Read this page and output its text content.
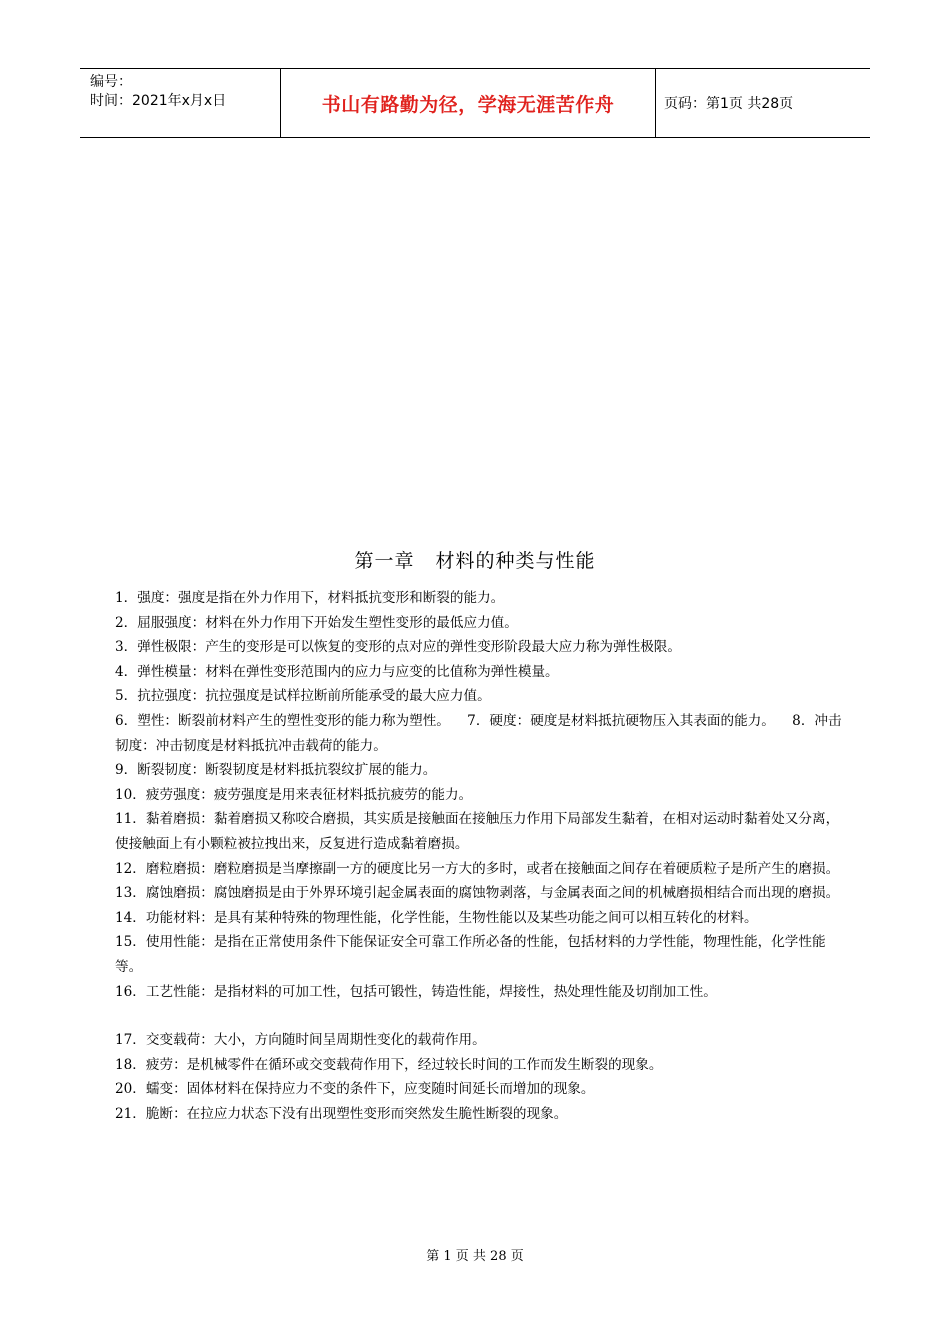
编号：
时间：2021年x月x日	书山有路勤为径，学海无涯苦作舟	页码：第1页 共28页
第一章   材料的种类与性能

1．强度：强度是指在外力作用下，材料抵抗变形和断裂的能力。

2．屈服强度：材料在外力作用下开始发生塑性变形的最低应力值。

3．弹性极限：产生的变形是可以恢复的变形的点对应的弹性变形阶段最大应力称为弹性极限。

4．弹性模量：材料在弹性变形范围内的应力与应变的比值称为弹性模量。

5．抗拉强度：抗拉强度是试样拉断前所能承受的最大应力值。

6．塑性：断裂前材料产生的塑性变形的能力称为塑性。    7．硬度：硬度是材料抵抗硬物压入其表面的能力。    8．冲击韧度：冲击韧度是材料抵抗冲击载荷的能力。

9．断裂韧度：断裂韧度是材料抵抗裂纹扩展的能力。

10．疲劳强度：疲劳强度是用来表征材料抵抗疲劳的能力。

11．黏着磨损：黏着磨损又称咬合磨损，其实质是接触面在接触压力作用下局部发生黏着，在相对运动时黏着处又分离，使接触面上有小颗粒被拉拽出来，反复进行造成黏着磨损。

12．磨粒磨损：磨粒磨损是当摩擦副一方的硬度比另一方大的多时，或者在接触面之间存在着硬质粒子是所产生的磨损。

13．腐蚀磨损：腐蚀磨损是由于外界环境引起金属表面的腐蚀物剥落，与金属表面之间的机械磨损相结合而出现的磨损。

14．功能材料：是具有某种特殊的物理性能，化学性能，生物性能以及某些功能之间可以相互转化的材料。

15．使用性能：是指在正常使用条件下能保证安全可靠工作所必备的性能，包括材料的力学性能，物理性能，化学性能等。

16．工艺性能：是指材料的可加工性，包括可锻性，铸造性能，焊接性，热处理性能及切削加工性。

17．交变载荷：大小，方向随时间呈周期性变化的载荷作用。

18．疲劳：是机械零件在循环或交变载荷作用下，经过较长时间的工作而发生断裂的现象。

20．蠕变：固体材料在保持应力不变的条件下，应变随时间延长而增加的现象。

21．脆断：在拉应力状态下没有出现塑性变形而突然发生脆性断裂的现象。

第 1 页 共 28 页
